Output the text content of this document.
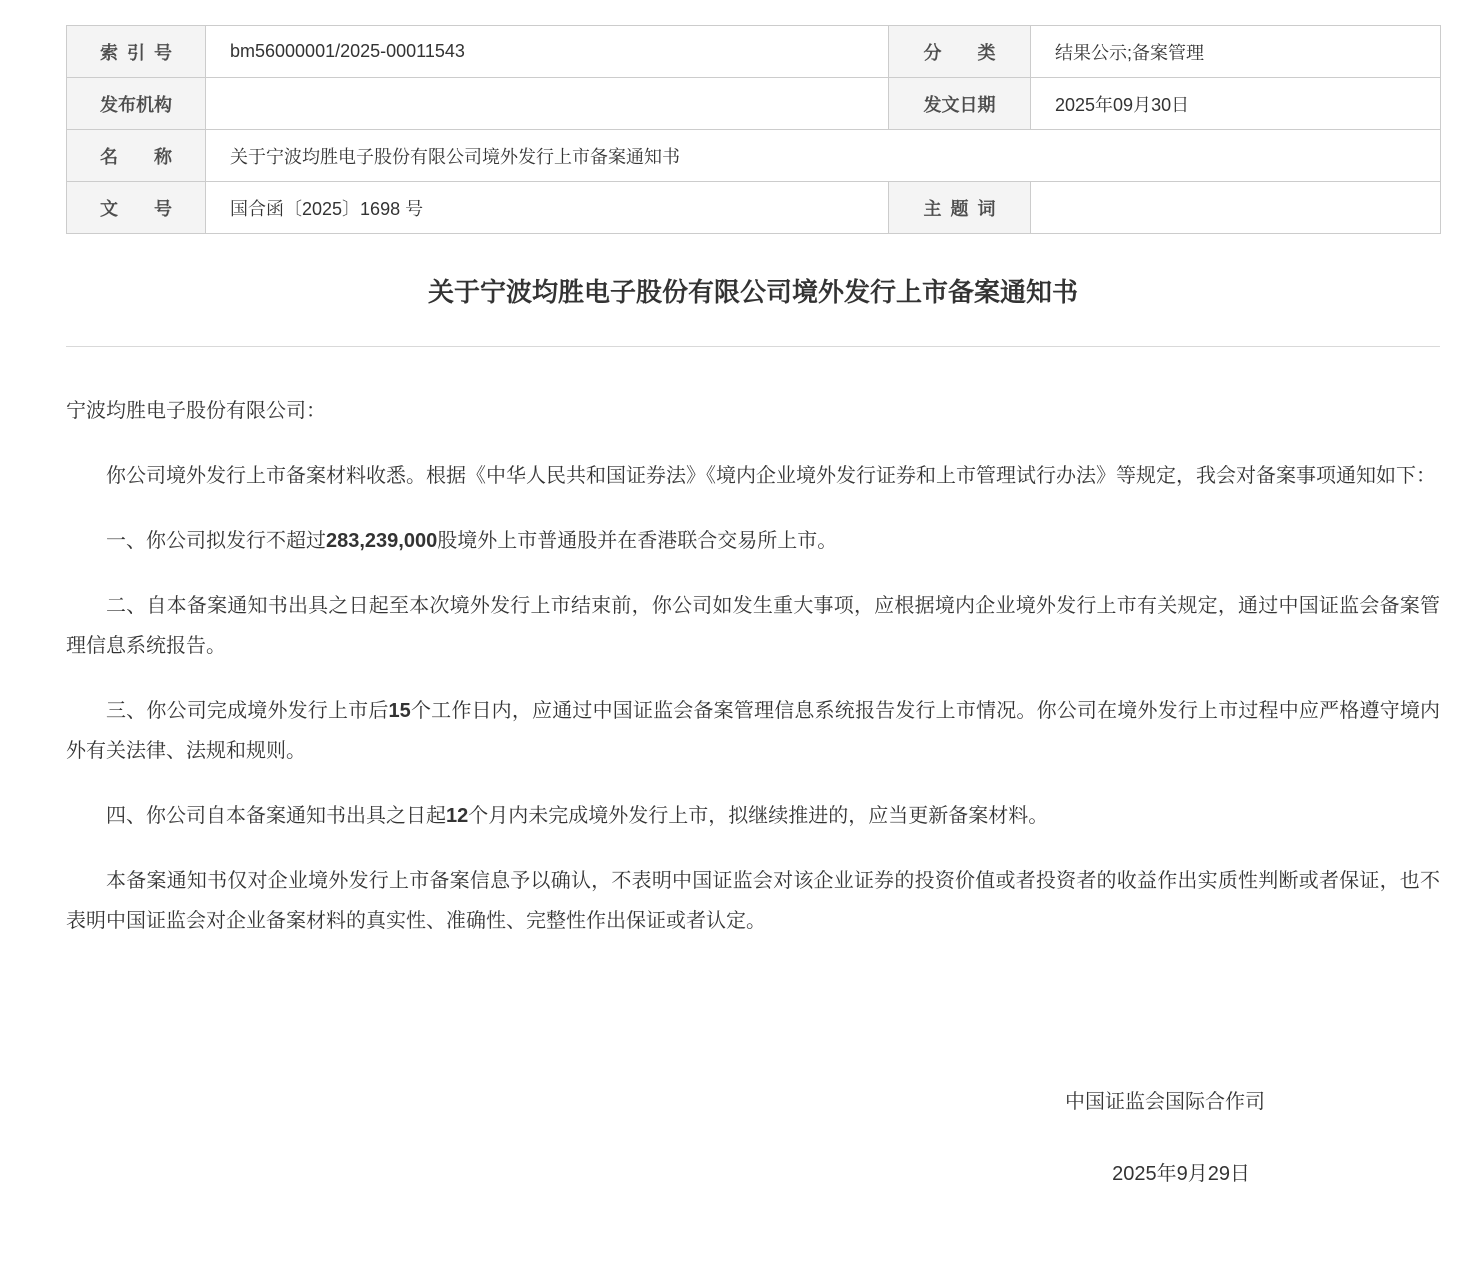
索引号	bm56000001/2025-00011543	分类	结果公示;备案管理
发布机构		发文日期	2025年09月30日
名称	关于宁波均胜电子股份有限公司境外发行上市备案通知书		
文号	国合函〔2025〕1698 号	主题词	
关于宁波均胜电子股份有限公司境外发行上市备案通知书
宁波均胜电子股份有限公司：

你公司境外发行上市备案材料收悉。根据《中华人民共和国证券法》《境内企业境外发行证券和上市管理试行办法》等规定，我会对备案事项通知如下：

一、你公司拟发行不超过283,239,000股境外上市普通股并在香港联合交易所上市。

二、自本备案通知书出具之日起至本次境外发行上市结束前，你公司如发生重大事项，应根据境内企业境外发行上市有关规定，通过中国证监会备案管理信息系统报告。

三、你公司完成境外发行上市后15个工作日内，应通过中国证监会备案管理信息系统报告发行上市情况。你公司在境外发行上市过程中应严格遵守境内外有关法律、法规和规则。

四、你公司自本备案通知书出具之日起12个月内未完成境外发行上市，拟继续推进的，应当更新备案材料。

本备案通知书仅对企业境外发行上市备案信息予以确认，不表明中国证监会对该企业证券的投资价值或者投资者的收益作出实质性判断或者保证，也不表明中国证监会对企业备案材料的真实性、准确性、完整性作出保证或者认定。

中国证监会国际合作司
2025年9月29日
